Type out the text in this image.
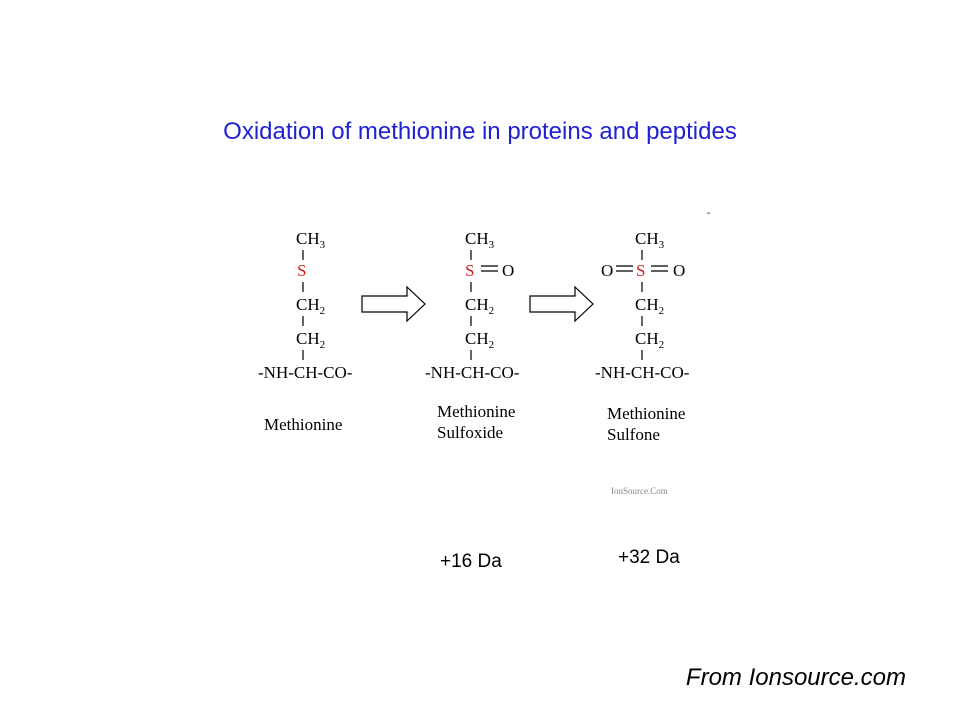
Oxidation of methionine in proteins and peptides
$CH_3$
S
$CH_2$
$CH_2$
-NH-CH-CO-
Methionine
$CH_3$
S O
$CH_2$
$CH_2$
-NH-CH-CO-
Methionine
Sulfoxide
$CH_3$
O S O
$CH_2$
$CH_2$
-NH-CH-CO-
Methionine
Sulfone
IonSource.Com
-
+16 Da	+32 Da
From Ionsource.com
